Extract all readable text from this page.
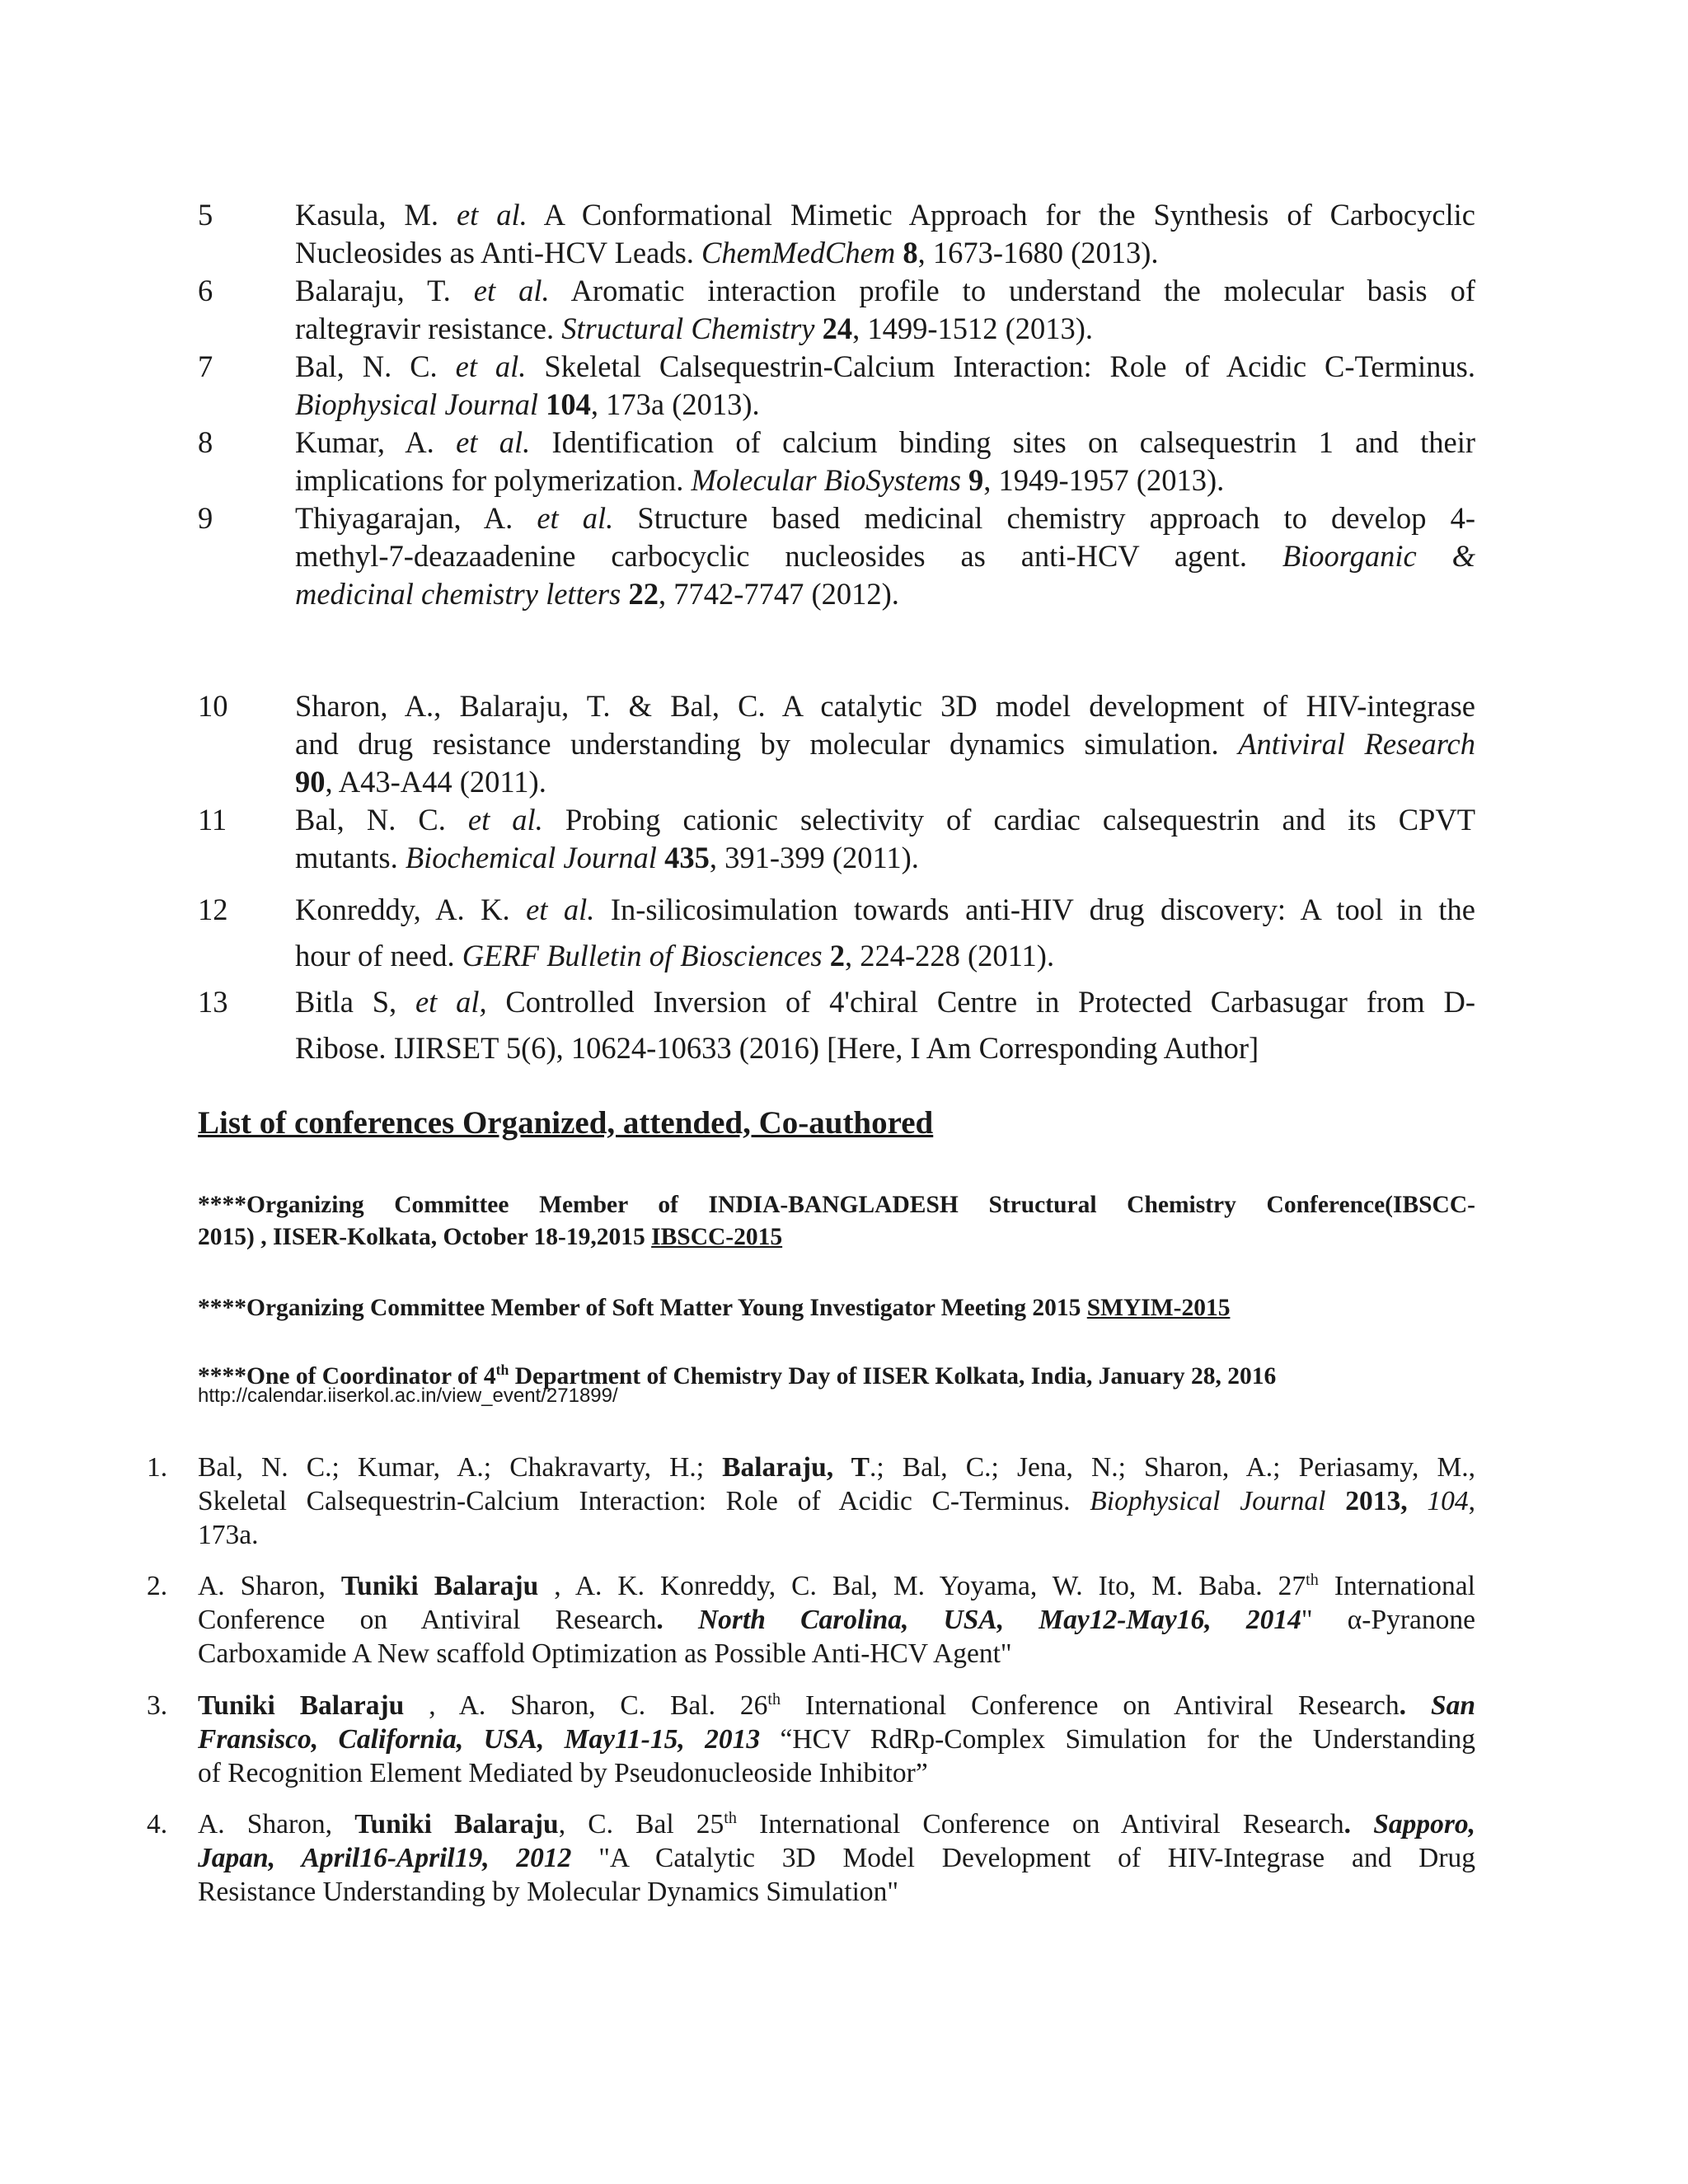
5	Kasula, M. et al. A Conformational Mimetic Approach for the Synthesis of Carbocyclic
Nucleosides as Anti-HCV Leads. ChemMedChem 8, 1673-1680 (2013).
6	Balaraju, T. et al. Aromatic interaction profile to understand the molecular basis of
raltegravir resistance. Structural Chemistry 24, 1499-1512 (2013).
7	Bal, N. C. et al. Skeletal Calsequestrin-Calcium Interaction: Role of Acidic C-Terminus.
Biophysical Journal 104, 173a (2013).
8	Kumar, A. et al. Identification of calcium binding sites on calsequestrin 1 and their
implications for polymerization. Molecular BioSystems 9, 1949-1957 (2013).
9	Thiyagarajan, A. et al. Structure based medicinal chemistry approach to develop 4-
methyl-7-deazaadenine carbocyclic nucleosides as anti-HCV agent. Bioorganic &
medicinal chemistry letters 22, 7742-7747 (2012).
10 Sharon, A., Balaraju, T. & Bal, C. A catalytic 3D model development of HIV-integrase
and drug resistance understanding by molecular dynamics simulation. Antiviral Research
90, A43-A44 (2011).
11 Bal, N. C. et al. Probing cationic selectivity of cardiac calsequestrin and its CPVT
mutants. Biochemical Journal 435, 391-399 (2011).
12 Konreddy, A. K. et al. In-silicosimulation towards anti-HIV drug discovery: A tool in the
hour of need. GERF Bulletin of Biosciences 2, 224-228 (2011).
13 Bitla S, et al, Controlled Inversion of 4'chiral Centre in Protected Carbasugar from D-
Ribose. IJIRSET 5(6), 10624-10633 (2016) [Here, I Am Corresponding Author]
List of conferences Organized, attended, Co-authored
****Organizing Committee Member of INDIA-BANGLADESH Structural Chemistry Conference(IBSCC-
2015) , IISER-Kolkata, October 18-19,2015 IBSCC-2015
****Organizing Committee Member of Soft Matter Young Investigator Meeting 2015 SMYIM-2015
****One of Coordinator of 4th Department of Chemistry Day of IISER Kolkata, India, January 28, 2016
http://calendar.iiserkol.ac.in/view_event/271899/
1. Bal, N. C.; Kumar, A.; Chakravarty, H.; Balaraju, T.; Bal, C.; Jena, N.; Sharon, A.; Periasamy, M.,
Skeletal Calsequestrin-Calcium Interaction: Role of Acidic C-Terminus. Biophysical Journal 2013, 104,
173a.
2. A. Sharon, Tuniki Balaraju , A. K. Konreddy, C. Bal, M. Yoyama, W. Ito, M. Baba. 27th International
Conference on Antiviral Research. North Carolina, USA, May12-May16, 2014" α-Pyranone
Carboxamide A New scaffold Optimization as Possible Anti-HCV Agent"
3. Tuniki Balaraju , A. Sharon, C. Bal. 26th International Conference on Antiviral Research. San
Fransisco, California, USA, May11-15, 2013 “HCV RdRp-Complex Simulation for the Understanding
of Recognition Element Mediated by Pseudonucleoside Inhibitor”
4. A. Sharon, Tuniki Balaraju, C. Bal 25th International Conference on Antiviral Research. Sapporo,
Japan, April16-April19, 2012 "A Catalytic 3D Model Development of HIV-Integrase and Drug
Resistance Understanding by Molecular Dynamics Simulation"
